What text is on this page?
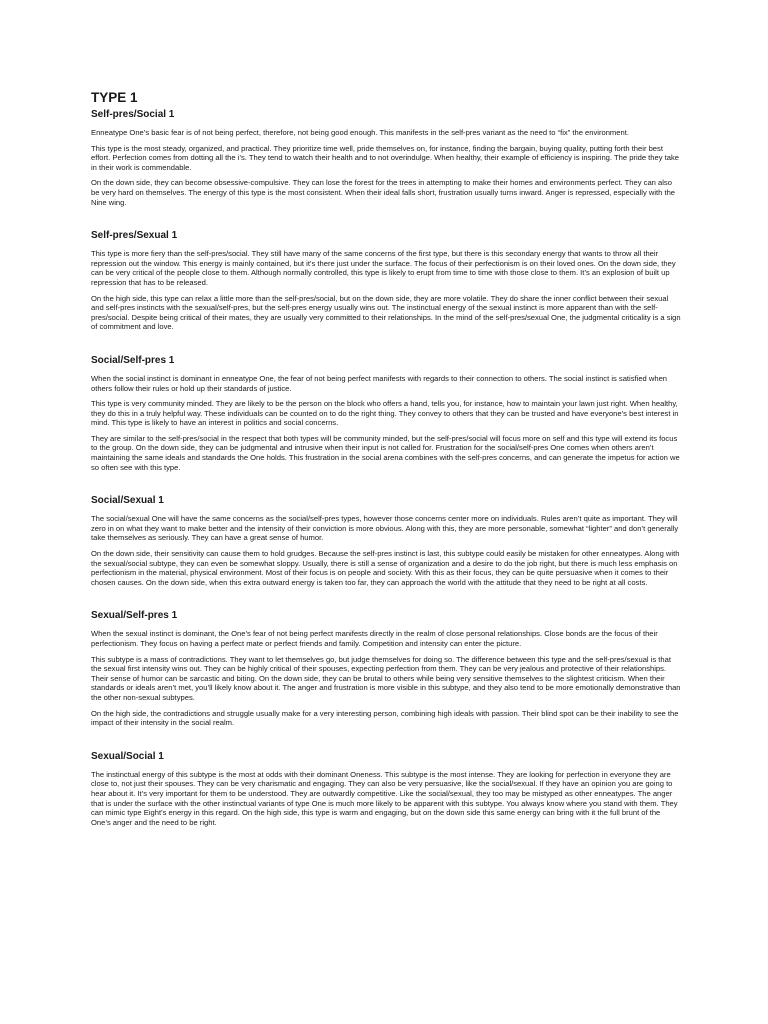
TYPE 1
Self-pres/Social 1

Enneatype One’s basic fear is of not being perfect, therefore, not being good enough. This manifests in the self-pres variant as the need to “fix” the environment.

This type is the most steady, organized, and practical. They prioritize time well, pride themselves on, for instance, finding the bargain, buying quality, putting forth their best effort. Perfection comes from dotting all the i’s. They tend to watch their health and to not overindulge. When healthy, their example of efficiency is inspiring. The pride they take in their work is commendable.

On the down side, they can become obsessive-compulsive. They can lose the forest for the trees in attempting to make their homes and environments perfect. They can also be very hard on themselves. The energy of this type is the most consistent. When their ideal falls short, frustration usually turns inward. Anger is repressed, especially with the Nine wing.

Self-pres/Sexual 1

This type is more fiery than the self-pres/social. They still have many of the same concerns of the first type, but there is this secondary energy that wants to throw all their repression out the window. This energy is mainly contained, but it’s there just under the surface. The focus of their perfectionism is on their loved ones. On the down side, they can be very critical of the people close to them. Although normally controlled, this type is likely to erupt from time to time with those close to them. It’s an explosion of built up repression that has to be released.

On the high side, this type can relax a little more than the self-pres/social, but on the down side, they are more volatile. They do share the inner conflict between their sexual and self-pres instincts with the sexual/self-pres, but the self-pres energy usually wins out. The instinctual energy of the sexual instinct is more apparent than with the self-pres/social. Despite being critical of their mates, they are usually very committed to their relationships. In the mind of the self-pres/sexual One, the judgmental criticality is a sign of commitment and love.

Social/Self-pres 1

When the social instinct is dominant in enneatype One, the fear of not being perfect manifests with regards to their connection to others. The social instinct is satisfied when others follow their rules or hold up their standards of justice.

This type is very community minded. They are likely to be the person on the block who offers a hand, tells you, for instance, how to maintain your lawn just right. When healthy, they do this in a truly helpful way. These individuals can be counted on to do the right thing. They convey to others that they can be trusted and have everyone’s best interest in mind. This type is likely to have an interest in politics and social concerns.

They are similar to the self-pres/social in the respect that both types will be community minded, but the self-pres/social will focus more on self and this type will extend its focus to the group. On the down side, they can be judgmental and intrusive when their input is not called for. Frustration for the social/self-pres One comes when others aren’t maintaining the same ideals and standards the One holds. This frustration in the social arena combines with the self-pres concerns, and can generate the impetus for action we so often see with this type.

Social/Sexual 1

The social/sexual One will have the same concerns as the social/self-pres types, however those concerns center more on individuals. Rules aren’t quite as important. They will zero in on what they want to make better and the intensity of their conviction is more obvious. Along with this, they are more personable, somewhat “lighter” and don’t generally take themselves as seriously. They can have a great sense of humor.

On the down side, their sensitivity can cause them to hold grudges. Because the self-pres instinct is last, this subtype could easily be mistaken for other enneatypes. Along with the sexual/social subtype, they can even be somewhat sloppy. Usually, there is still a sense of organization and a desire to do the job right, but there is much less emphasis on perfectionism in the material, physical environment. Most of their focus is on people and society. With this as their focus, they can be quite persuasive when it comes to their chosen causes. On the down side, when this extra outward energy is taken too far, they can approach the world with the attitude that they need to be right at all costs.

Sexual/Self-pres 1

When the sexual instinct is dominant, the One’s fear of not being perfect manifests directly in the realm of close personal relationships. Close bonds are the focus of their perfectionism. They focus on having a perfect mate or perfect friends and family. Competition and intensity can enter the picture.

This subtype is a mass of contradictions. They want to let themselves go, but judge themselves for doing so. The difference between this type and the self-pres/sexual is that the sexual first intensity wins out. They can be highly critical of their spouses, expecting perfection from them. They can be very jealous and protective of their relationships. Their sense of humor can be sarcastic and biting. On the down side, they can be brutal to others while being very sensitive themselves to the slightest criticism. When their standards or ideals aren’t met, you’ll likely know about it. The anger and frustration is more visible in this subtype, and they also tend to be more emotionally demonstrative than the other non-sexual subtypes.

On the high side, the contradictions and struggle usually make for a very interesting person, combining high ideals with passion. Their blind spot can be their inability to see the impact of their intensity in the social realm.

Sexual/Social 1

The instinctual energy of this subtype is the most at odds with their dominant Oneness. This subtype is the most intense. They are looking for perfection in everyone they are close to, not just their spouses. They can be very charismatic and engaging. They can also be very persuasive, like the social/sexual. If they have an opinion you are going to hear about it. It’s very important for them to be understood. They are outwardly competitive. Like the social/sexual, they too may be mistyped as other enneatypes. The anger that is under the surface with the other instinctual variants of type One is much more likely to be apparent with this subtype. You always know where you stand with them. They can mimic type Eight’s energy in this regard. On the high side, this type is warm and engaging, but on the down side this same energy can bring with it the full brunt of the One’s anger and the need to be right.
